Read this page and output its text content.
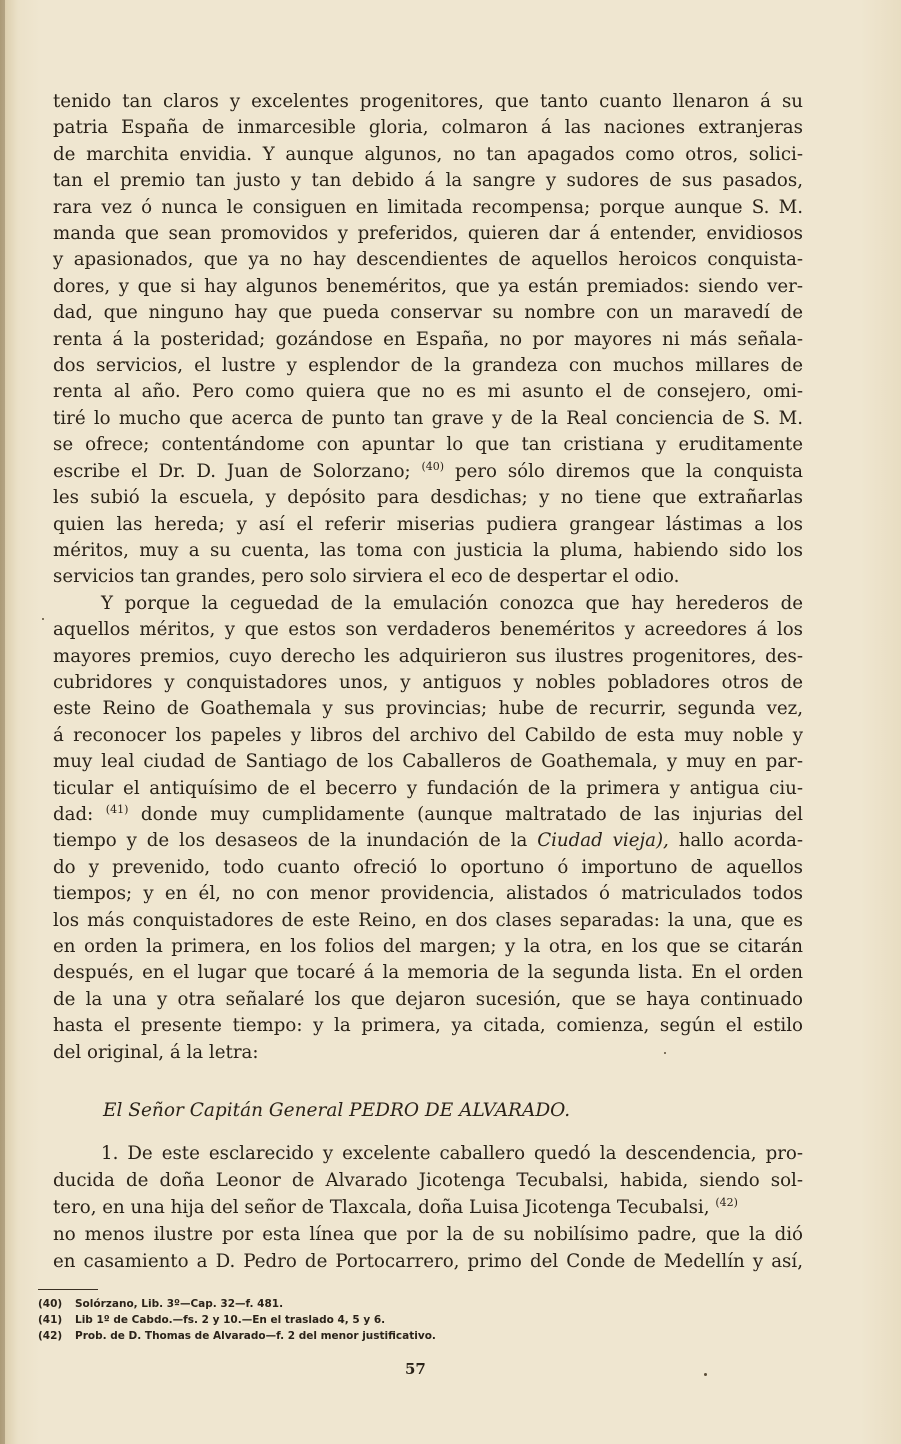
tenido tan claros y excelentes progenitores, que tanto cuanto llenaron á su
patria España de inmarcesible gloria, colmaron á las naciones extranjeras
de marchita envidia. Y aunque algunos, no tan apagados como otros, solici-
tan el premio tan justo y tan debido á la sangre y sudores de sus pasados,
rara vez ó nunca le consiguen en limitada recompensa; porque aunque S. M.
manda que sean promovidos y preferidos, quieren dar á entender, envidiosos
y apasionados, que ya no hay descendientes de aquellos heroicos conquista-
dores, y que si hay algunos beneméritos, que ya están premiados: siendo ver-
dad, que ninguno hay que pueda conservar su nombre con un maravedí de
renta á la posteridad; gozándose en España, no por mayores ni más señala-
dos servicios, el lustre y esplendor de la grandeza con muchos millares de
renta al año. Pero como quiera que no es mi asunto el de consejero, omi-
tiré lo mucho que acerca de punto tan grave y de la Real conciencia de S. M.
se ofrece; contentándome con apuntar lo que tan cristiana y eruditamente
escribe el Dr. D. Juan de Solorzano; $^{(40)}$ pero sólo diremos que la conquista
les subió la escuela, y depósito para desdichas; y no tiene que extrañarlas
quien las hereda; y así el referir miserias pudiera grangear lástimas a los
méritos, muy a su cuenta, las toma con justicia la pluma, habiendo sido los
servicios tan grandes, pero solo sirviera el eco de despertar el odio.
Y porque la ceguedad de la emulación conozca que hay herederos de
aquellos méritos, y que estos son verdaderos beneméritos y acreedores á los
mayores premios, cuyo derecho les adquirieron sus ilustres progenitores, des-
cubridores y conquistadores unos, y antiguos y nobles pobladores otros de
este Reino de Goathemala y sus provincias; hube de recurrir, segunda vez,
á reconocer los papeles y libros del archivo del Cabildo de esta muy noble y
muy leal ciudad de Santiago de los Caballeros de Goathemala, y muy en par-
ticular el antiquísimo de el becerro y fundación de la primera y antigua ciu-
dad: $^{(41)}$ donde muy cumplidamente (aunque maltratado de las injurias del
tiempo y de los desaseos de la inundación de la Ciudad vieja), hallo acorda-
do y prevenido, todo cuanto ofreció lo oportuno ó importuno de aquellos
tiempos; y en él, no con menor providencia, alistados ó matriculados todos
los más conquistadores de este Reino, en dos clases separadas: la una, que es
en orden la primera, en los folios del margen; y la otra, en los que se citarán
después, en el lugar que tocaré á la memoria de la segunda lista. En el orden
de la una y otra señalaré los que dejaron sucesión, que se haya continuado
hasta el presente tiempo: y la primera, ya citada, comienza, según el estilo
del original, á la letra:
El Señor Capitán General PEDRO DE ALVARADO.
1. De este esclarecido y excelente caballero quedó la descendencia, pro-
ducida de doña Leonor de Alvarado Jicotenga Tecubalsi, habida, siendo sol-
tero, en una hija del señor de Tlaxcala, doña Luisa Jicotenga Tecubalsi, $^{(42)}$
no menos ilustre por esta línea que por la de su nobilísimo padre, que la dió
en casamiento a D. Pedro de Portocarrero, primo del Conde de Medellín y así,
(40) Solórzano, Lib. 3º—Cap. 32—f. 481.
(41) Lib 1º de Cabdo.—fs. 2 y 10.—En el traslado 4, 5 y 6.
(42) Prob. de D. Thomas de Alvarado—f. 2 del menor justificativo.
57
